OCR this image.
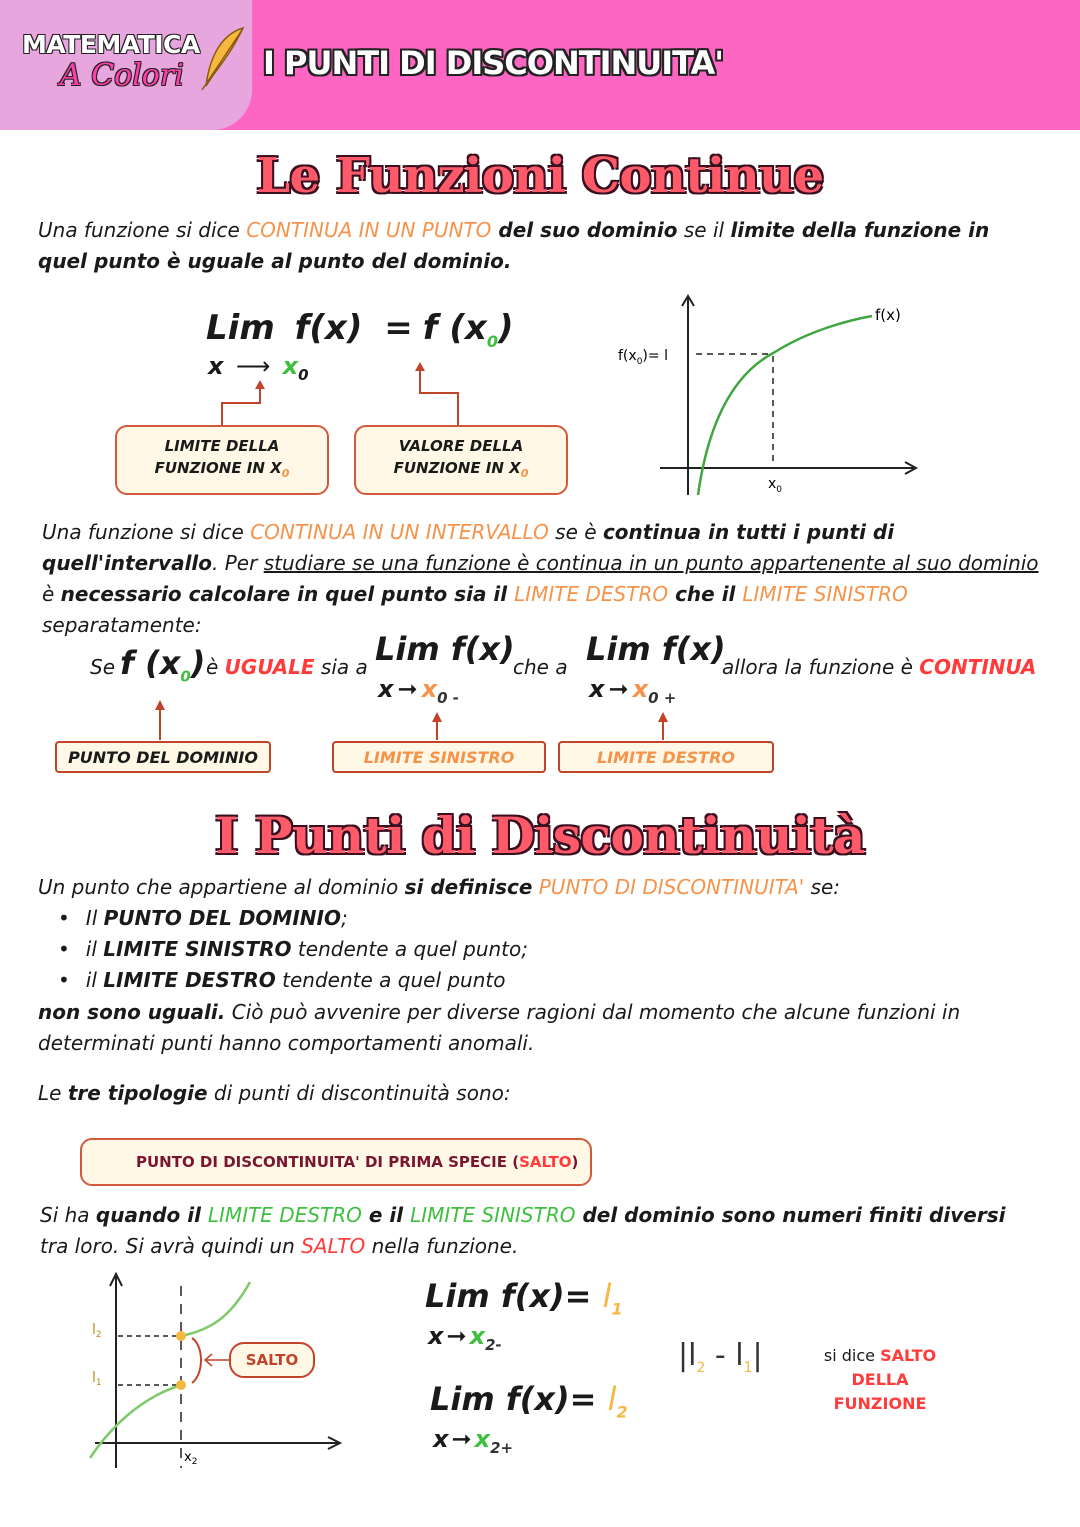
MATEMATICA
A Colori I PUNTI DI DISCONTINUITA'
Le Funzioni Continue
Una funzione si dice CONTINUA IN UN PUNTO del suo dominio se il limite della funzione in quel punto è uguale al punto del dominio.
Lim f(x) = f $(x_0)$
x ⟶ $x_0$
LIMITE DELLA
FUNZIONE IN $X_0$
VALORE DELLA
FUNZIONE IN $X_0$
f(x)
$f(x_0)= l$
$x_0$
Una funzione si dice CONTINUA IN UN INTERVALLO se è continua in tutti i punti di quell'intervallo. Per studiare se una funzione è continua in un punto appartenente al suo dominio è necessario calcolare in quel punto sia il LIMITE DESTRO che il LIMITE SINISTRO separatamente:
Se f $(x_0)$ è UGUALE sia a Lim f(x)
x ➞ $x_{0 -}$
che a Lim f(x)
x ➞ $x_{0 +}$
allora la funzione è CONTINUA
PUNTO DEL DOMINIO	LIMITE SINISTRO	LIMITE DESTRO
I Punti di Discontinuità
Un punto che appartiene al dominio si definisce PUNTO DI DISCONTINUITA' se:
• Il PUNTO DEL DOMINIO;
• il LIMITE SINISTRO tendente a quel punto;
• il LIMITE DESTRO tendente a quel punto
non sono uguali. Ciò può avvenire per diverse ragioni dal momento che alcune funzioni in determinati punti hanno comportamenti anomali.
Le tre tipologie di punti di discontinuità sono:
PUNTO DI DISCONTINUITA' DI PRIMA SPECIE ( SALTO )
Si ha quando il LIMITE DESTRO e il LIMITE SINISTRO del dominio sono numeri finiti diversi tra loro. Si avrà quindi un SALTO nella funzione.
SALTO
$l_2$
$l_1$
$x_2$
Lim $f(x)= l_1$
x ➞ $x_{2-}$
Lim $f(x)= l_2$
x ➞ $x_{2+}$
$|l_2 - l_1|$	si dice SALTO DELLA
FUNZIONE
